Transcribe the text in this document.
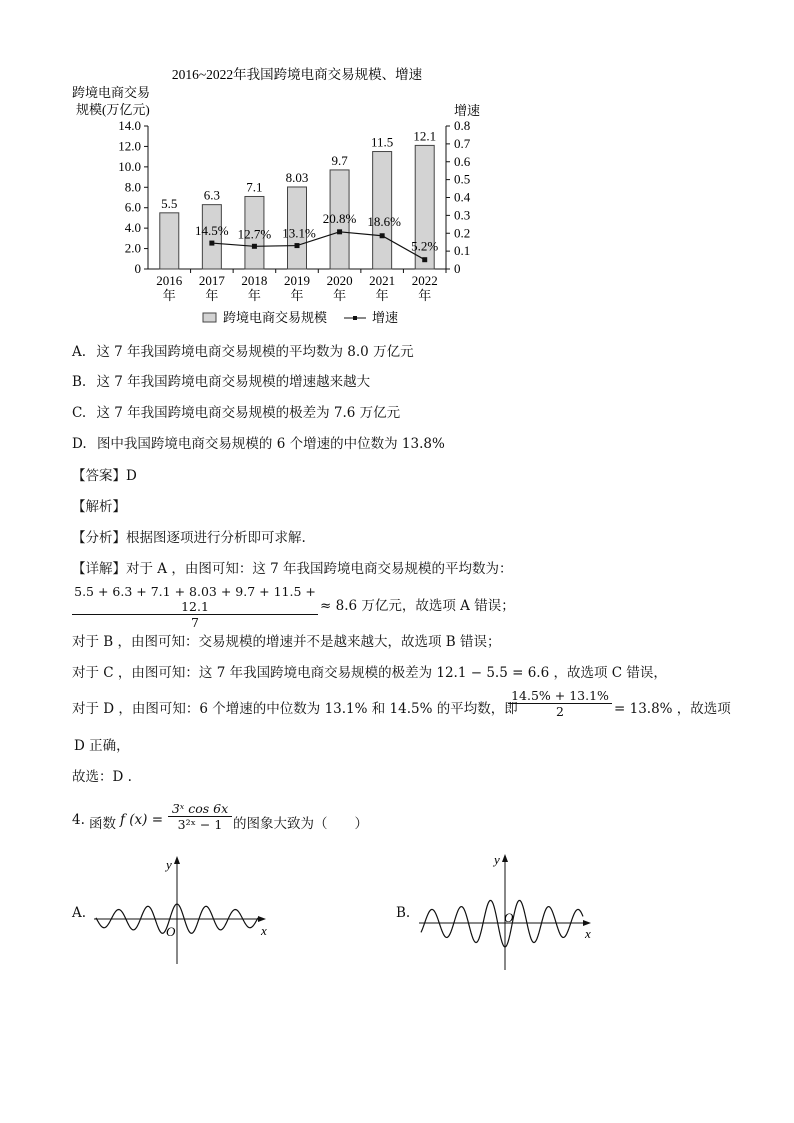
2016~2022年我国跨境电商交易规模、增速
跨境电商交易
规模(万亿元)	增速
0
2.0
4.0
6.0
8.0
10.0
12.0
14.0
0
0.1
0.2
0.3
0.4
0.5
0.6
0.7
0.8
5.5
6.3
7.1
8.03
9.7
11.5 12.1
14.5% 12.7% 13.1%
20.8% 18.6%
5.2%
2016
年
2017
年
2018
年
2019
年
2020
年
2021
年
2022
年
跨境电商交易规模	增速
A. 这 7 年我国跨境电商交易规模的平均数为 8.0 万亿元
B. 这 7 年我国跨境电商交易规模的增速越来越大
C. 这 7 年我国跨境电商交易规模的极差为 7.6 万亿元
D. 图中我国跨境电商交易规模的 6 个增速的中位数为 13.8%
【答案】D
【解析】
【分析】根据图逐项进行分析即可求解.
【详解】对于 A ，由图可知：这 7 年我国跨境电商交易规模的平均数为：
$\frac{5.5 + 6.3 + 7.1 + 8.03 + 9.7 + 11.5 + 12.1}{7} \approx 8.6$ 万亿元，故选项 A 错误；
对于 B ，由图可知：交易规模的增速并不是越来越大，故选项 B 错误；
对于 C ，由图可知：这 7 年我国跨境电商交易规模的极差为 12.1 − 5.5 = 6.6 ，故选项 C 错误，
对于 D ，由图可知：6 个增速的中位数为 13.1% 和 14.5% 的平均数，即
$\frac{14.5\% + 13.1\%}{2} = 13.8\%$ ，故选项
D 正确，
故选：D .
4. 函数 f $(x) = \frac{\text{3ˣ cos 6x}}{\text{3²ˣ − 1}}$ 的图象大致为（　　）
A.
x
y
O
B.
x
y
O
